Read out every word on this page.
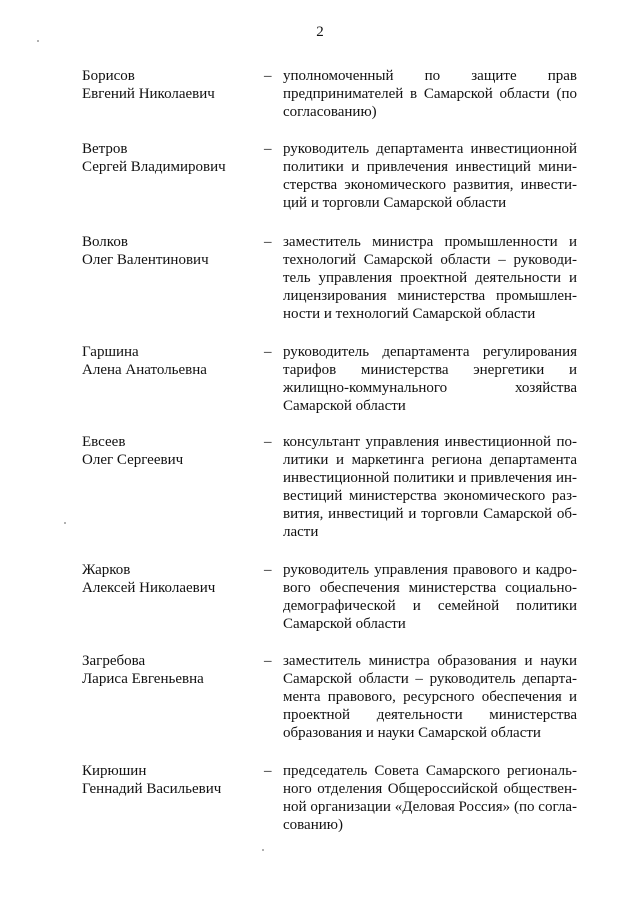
2
Борисов
Евгений Николаевич
– уполномоченный по защите прав
предпринимателей в Самарской области (по
согласованию)
Ветров
Сергей Владимирович
– руководитель департамента инвестиционной
политики и привлечения инвестиций мини-
стерства экономического развития, инвести-
ций и торговли Самарской области
Волков
Олег Валентинович
– заместитель министра промышленности и
технологий Самарской области – руководи-
тель управления проектной деятельности и
лицензирования министерства промышлен-
ности и технологий Самарской области
Гаршина
Алена Анатольевна
– руководитель департамента регулирования
тарифов министерства энергетики и
жилищно-коммунального хозяйства
Самарской области
Евсеев
Олег Сергеевич
– консультант управления инвестиционной по-
литики и маркетинга региона департамента
инвестиционной политики и привлечения ин-
вестиций министерства экономического раз-
вития, инвестиций и торговли Самарской об-
ласти
Жарков
Алексей Николаевич
– руководитель управления правового и кадро-
вого обеспечения министерства социально-
демографической и семейной политики
Самарской области
Загребова
Лариса Евгеньевна
– заместитель министра образования и науки
Самарской области – руководитель департа-
мента правового, ресурсного обеспечения и
проектной деятельности министерства
образования и науки Самарской области
Кирюшин
Геннадий Васильевич
– председатель Совета Самарского региональ-
ного отделения Общероссийской обществен-
ной организации «Деловая Россия» (по согла-
сованию)
